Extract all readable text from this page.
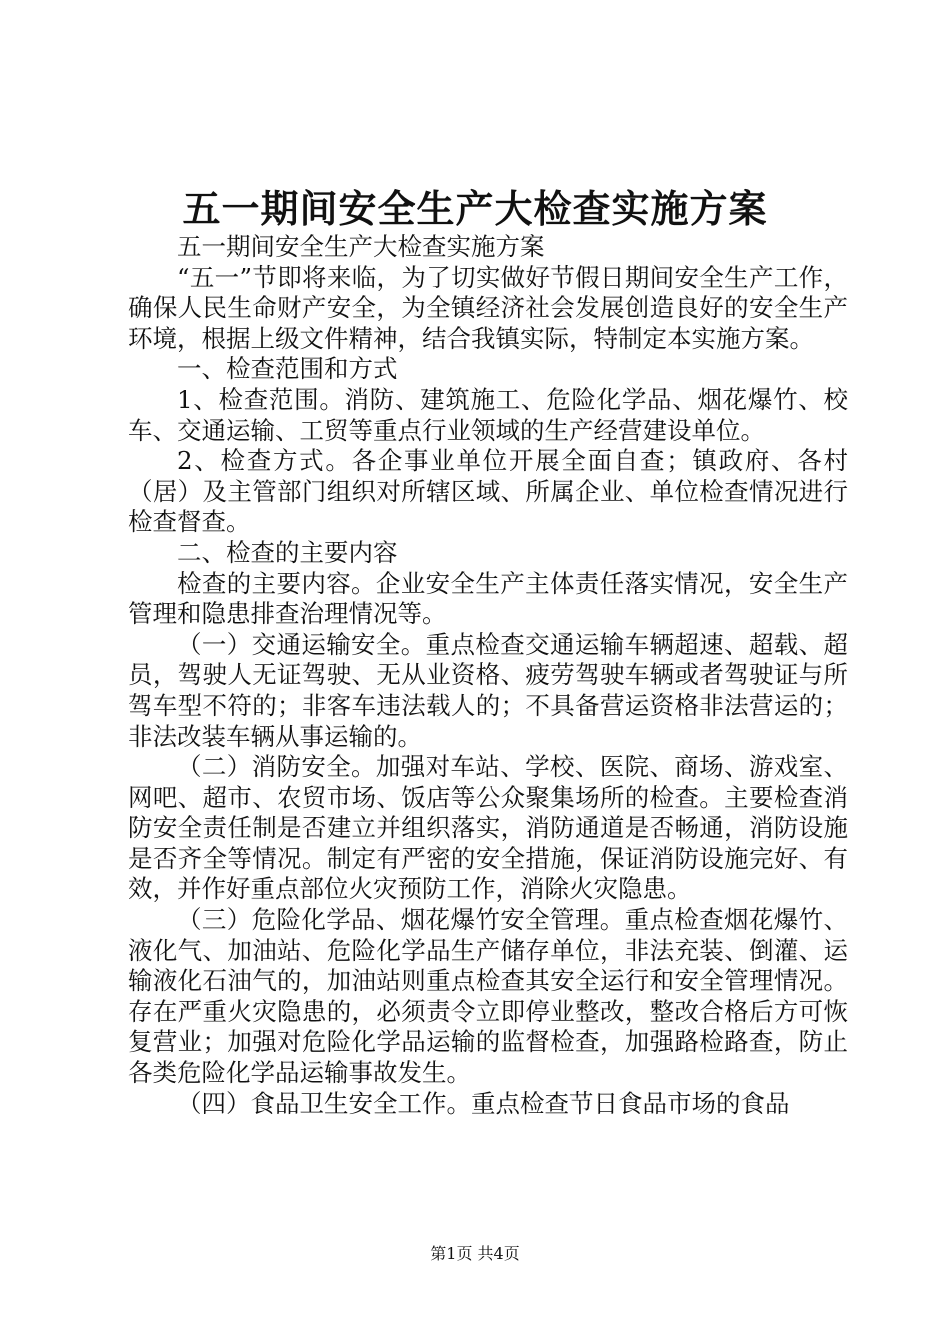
五一期间安全生产大检查实施方案

五一期间安全生产大检查实施方案

“五一”节即将来临，为了切实做好节假日期间安全生产工作，确保人民生命财产安全，为全镇经济社会发展创造良好的安全生产环境，根据上级文件精神，结合我镇实际，特制定本实施方案。

一、检查范围和方式

1、检查范围。消防、建筑施工、危险化学品、烟花爆竹、校车、交通运输、工贸等重点行业领域的生产经营建设单位。

2、检查方式。各企事业单位开展全面自查；镇政府、各村（居）及主管部门组织对所辖区域、所属企业、单位检查情况进行检查督查。

二、检查的主要内容

检查的主要内容。企业安全生产主体责任落实情况，安全生产管理和隐患排查治理情况等。

（一）交通运输安全。重点检查交通运输车辆超速、超载、超员，驾驶人无证驾驶、无从业资格、疲劳驾驶车辆或者驾驶证与所驾车型不符的；非客车违法载人的；不具备营运资格非法营运的；非法改装车辆从事运输的。

（二）消防安全。加强对车站、学校、医院、商场、游戏室、网吧、超市、农贸市场、饭店等公众聚集场所的检查。主要检查消防安全责任制是否建立并组织落实，消防通道是否畅通，消防设施是否齐全等情况。制定有严密的安全措施，保证消防设施完好、有效，并作好重点部位火灾预防工作，消除火灾隐患。

（三）危险化学品、烟花爆竹安全管理。重点检查烟花爆竹、液化气、加油站、危险化学品生产储存单位，非法充装、倒灌、运输液化石油气的，加油站则重点检查其安全运行和安全管理情况。存在严重火灾隐患的，必须责令立即停业整改，整改合格后方可恢复营业；加强对危险化学品运输的监督检查，加强路检路查，防止各类危险化学品运输事故发生。

（四）食品卫生安全工作。重点检查节日食品市场的食品

第1页 共4页
